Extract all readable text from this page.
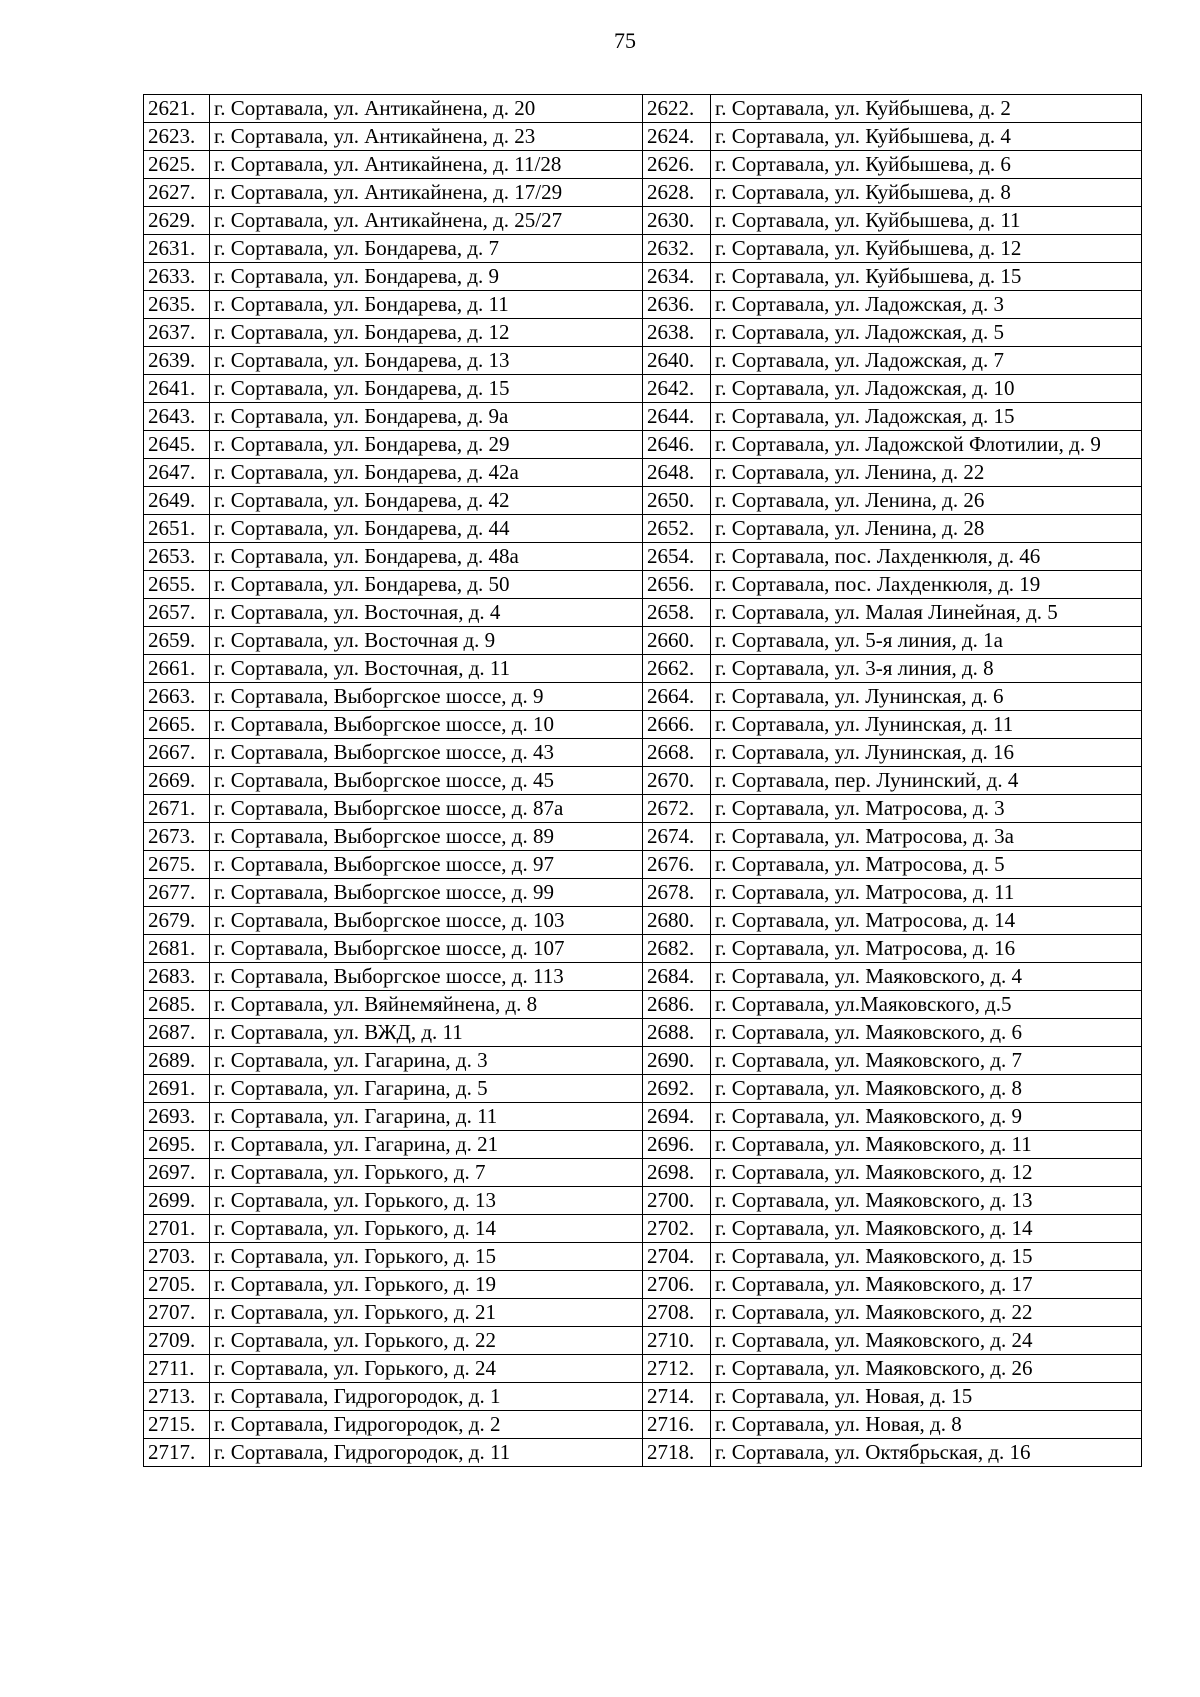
75
2621.	г. Сортавала, ул. Антикайнена, д. 20	2622.	г. Сортавала, ул. Куйбышева, д. 2
2623.	г. Сортавала, ул. Антикайнена, д. 23	2624.	г. Сортавала, ул. Куйбышева, д. 4
2625.	г. Сортавала, ул. Антикайнена, д. 11/28	2626.	г. Сортавала, ул. Куйбышева, д. 6
2627.	г. Сортавала, ул. Антикайнена, д. 17/29	2628.	г. Сортавала, ул. Куйбышева, д. 8
2629.	г. Сортавала, ул. Антикайнена, д. 25/27	2630.	г. Сортавала, ул. Куйбышева, д. 11
2631.	г. Сортавала, ул. Бондарева, д. 7	2632.	г. Сортавала, ул. Куйбышева, д. 12
2633.	г. Сортавала, ул. Бондарева, д. 9	2634.	г. Сортавала, ул. Куйбышева, д. 15
2635.	г. Сортавала, ул. Бондарева, д. 11	2636.	г. Сортавала, ул. Ладожская, д. 3
2637.	г. Сортавала, ул. Бондарева, д. 12	2638.	г. Сортавала, ул. Ладожская, д. 5
2639.	г. Сортавала, ул. Бондарева, д. 13	2640.	г. Сортавала, ул. Ладожская, д. 7
2641.	г. Сортавала, ул. Бондарева, д. 15	2642.	г. Сортавала, ул. Ладожская, д. 10
2643.	г. Сортавала, ул. Бондарева, д. 9а	2644.	г. Сортавала, ул. Ладожская, д. 15
2645.	г. Сортавала, ул. Бондарева, д. 29	2646.	г. Сортавала, ул. Ладожской Флотилии, д. 9
2647.	г. Сортавала, ул. Бондарева, д. 42а	2648.	г. Сортавала, ул. Ленина, д. 22
2649.	г. Сортавала, ул. Бондарева, д. 42	2650.	г. Сортавала, ул. Ленина, д. 26
2651.	г. Сортавала, ул. Бондарева, д. 44	2652.	г. Сортавала, ул. Ленина, д. 28
2653.	г. Сортавала, ул. Бондарева, д. 48а	2654.	г. Сортавала, пос. Лахденкюля, д. 46
2655.	г. Сортавала, ул. Бондарева, д. 50	2656.	г. Сортавала, пос. Лахденкюля, д. 19
2657.	г. Сортавала, ул. Восточная, д. 4	2658.	г. Сортавала, ул. Малая Линейная, д. 5
2659.	г. Сортавала, ул. Восточная д. 9	2660.	г. Сортавала, ул. 5-я линия, д. 1а
2661.	г. Сортавала, ул. Восточная, д. 11	2662.	г. Сортавала, ул. 3-я линия, д. 8
2663.	г. Сортавала, Выборгское шоссе, д. 9	2664.	г. Сортавала, ул. Лунинская, д. 6
2665.	г. Сортавала, Выборгское шоссе, д. 10	2666.	г. Сортавала, ул. Лунинская, д. 11
2667.	г. Сортавала, Выборгское шоссе, д. 43	2668.	г. Сортавала, ул. Лунинская, д. 16
2669.	г. Сортавала, Выборгское шоссе, д. 45	2670.	г. Сортавала, пер. Лунинский, д. 4
2671.	г. Сортавала, Выборгское шоссе, д. 87а	2672.	г. Сортавала, ул. Матросова, д. 3
2673.	г. Сортавала, Выборгское шоссе, д. 89	2674.	г. Сортавала, ул. Матросова, д. 3а
2675.	г. Сортавала, Выборгское шоссе, д. 97	2676.	г. Сортавала, ул. Матросова, д. 5
2677.	г. Сортавала, Выборгское шоссе, д. 99	2678.	г. Сортавала, ул. Матросова, д. 11
2679.	г. Сортавала, Выборгское шоссе, д. 103	2680.	г. Сортавала, ул. Матросова, д. 14
2681.	г. Сортавала, Выборгское шоссе, д. 107	2682.	г. Сортавала, ул. Матросова, д. 16
2683.	г. Сортавала, Выборгское шоссе, д. 113	2684.	г. Сортавала, ул. Маяковского, д. 4
2685.	г. Сортавала, ул. Вяйнемяйнена, д. 8	2686.	г. Сортавала, ул.Маяковского, д.5
2687.	г. Сортавала, ул. ВЖД, д. 11	2688.	г. Сортавала, ул. Маяковского, д. 6
2689.	г. Сортавала, ул. Гагарина, д. 3	2690.	г. Сортавала, ул. Маяковского, д. 7
2691.	г. Сортавала, ул. Гагарина, д. 5	2692.	г. Сортавала, ул. Маяковского, д. 8
2693.	г. Сортавала, ул. Гагарина, д. 11	2694.	г. Сортавала, ул. Маяковского, д. 9
2695.	г. Сортавала, ул. Гагарина, д. 21	2696.	г. Сортавала, ул. Маяковского, д. 11
2697.	г. Сортавала, ул. Горького, д. 7	2698.	г. Сортавала, ул. Маяковского, д. 12
2699.	г. Сортавала, ул. Горького, д. 13	2700.	г. Сортавала, ул. Маяковского, д. 13
2701.	г. Сортавала, ул. Горького, д. 14	2702.	г. Сортавала, ул. Маяковского, д. 14
2703.	г. Сортавала, ул. Горького, д. 15	2704.	г. Сортавала, ул. Маяковского, д. 15
2705.	г. Сортавала, ул. Горького, д. 19	2706.	г. Сортавала, ул. Маяковского, д. 17
2707.	г. Сортавала, ул. Горького, д. 21	2708.	г. Сортавала, ул. Маяковского, д. 22
2709.	г. Сортавала, ул. Горького, д. 22	2710.	г. Сортавала, ул. Маяковского, д. 24
2711.	г. Сортавала, ул. Горького, д. 24	2712.	г. Сортавала, ул. Маяковского, д. 26
2713.	г. Сортавала, Гидрогородок, д. 1	2714.	г. Сортавала, ул. Новая, д. 15
2715.	г. Сортавала, Гидрогородок, д. 2	2716.	г. Сортавала, ул. Новая, д. 8
2717.	г. Сортавала, Гидрогородок, д. 11	2718.	г. Сортавала, ул. Октябрьская, д. 16
